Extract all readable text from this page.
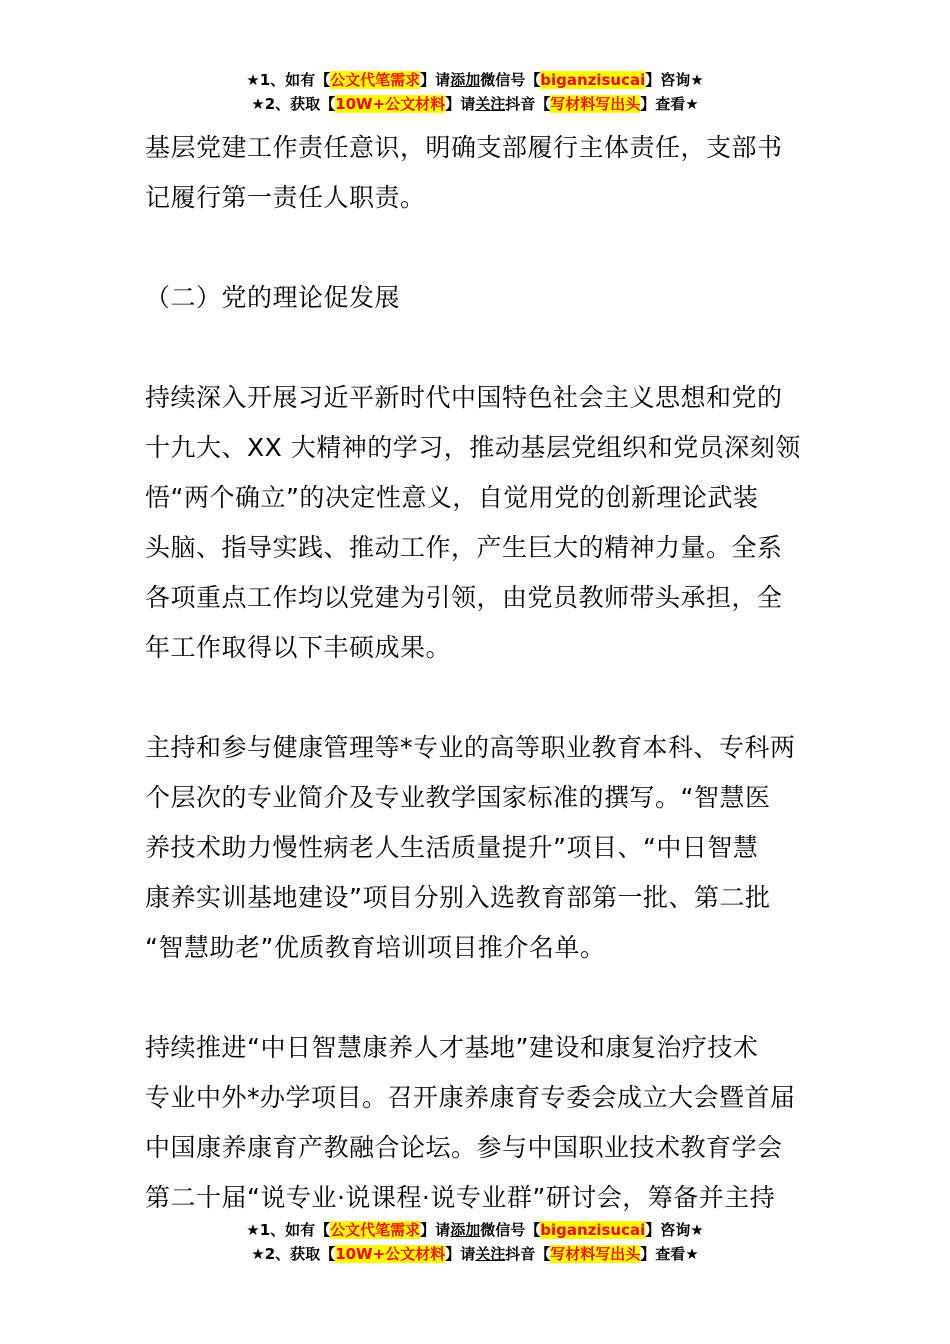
★1、如有【公文代笔需求】请添加微信号【biganzisucai】咨询★
★2、获取【10W+公文材料】请关注抖音【写材料写出头】查看★
基层党建工作责任意识，明确支部履行主体责任，支部书
记履行第一责任人职责。
（二）党的理论促发展
持续深入开展习近平新时代中国特色社会主义思想和党的
十九大、XX 大精神的学习，推动基层党组织和党员深刻领
悟“两个确立”的决定性意义，自觉用党的创新理论武装
头脑、指导实践、推动工作，产生巨大的精神力量。全系
各项重点工作均以党建为引领，由党员教师带头承担，全
年工作取得以下丰硕成果。
主持和参与健康管理等*专业的高等职业教育本科、专科两
个层次的专业简介及专业教学国家标准的撰写。“智慧医
养技术助力慢性病老人生活质量提升”项目、“中日智慧
康养实训基地建设”项目分别入选教育部第一批、第二批
“智慧助老”优质教育培训项目推介名单。
持续推进“中日智慧康养人才基地”建设和康复治疗技术
专业中外*办学项目。召开康养康育专委会成立大会暨首届
中国康养康育产教融合论坛。参与中国职业技术教育学会
第二十届“说专业·说课程·说专业群”研讨会，筹备并主持
★1、如有【公文代笔需求】请添加微信号【biganzisucai】咨询★
★2、获取【10W+公文材料】请关注抖音【写材料写出头】查看★
